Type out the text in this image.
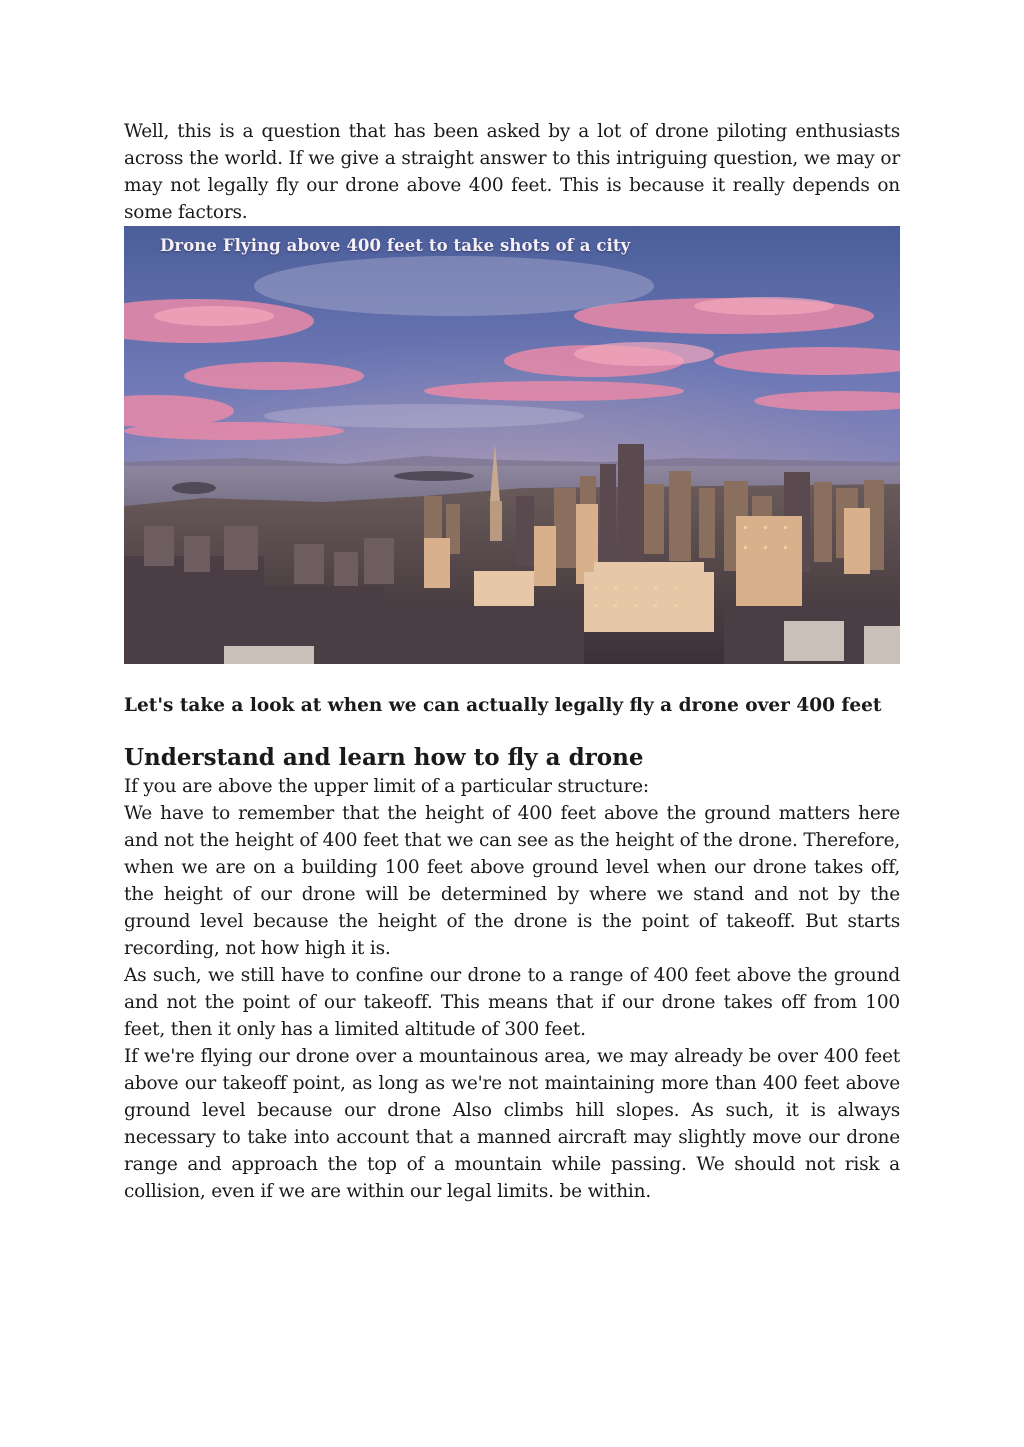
Well, this is a question that has been asked by a lot of drone piloting enthusiasts across the world. If we give a straight answer to this intriguing question, we may or may not legally fly our drone above 400 feet. This is because it really depends on some factors.

Drone Flying above 400 feet to take shots of a city
Let's take a look at when we can actually legally fly a drone over 400 feet
Understand and learn how to fly a drone

If you are above the upper limit of a particular structure:

We have to remember that the height of 400 feet above the ground matters here and not the height of 400 feet that we can see as the height of the drone. Therefore, when we are on a building 100 feet above ground level when our drone takes off, the height of our drone will be determined by where we stand and not by the ground level because the height of the drone is the point of takeoff. But starts recording, not how high it is.

As such, we still have to confine our drone to a range of 400 feet above the ground and not the point of our takeoff. This means that if our drone takes off from 100 feet, then it only has a limited altitude of 300 feet.

If we're flying our drone over a mountainous area, we may already be over 400 feet above our takeoff point, as long as we're not maintaining more than 400 feet above ground level because our drone Also climbs hill slopes. As such, it is always necessary to take into account that a manned aircraft may slightly move our drone range and approach the top of a mountain while passing. We should not risk a collision, even if we are within our legal limits. be within.
